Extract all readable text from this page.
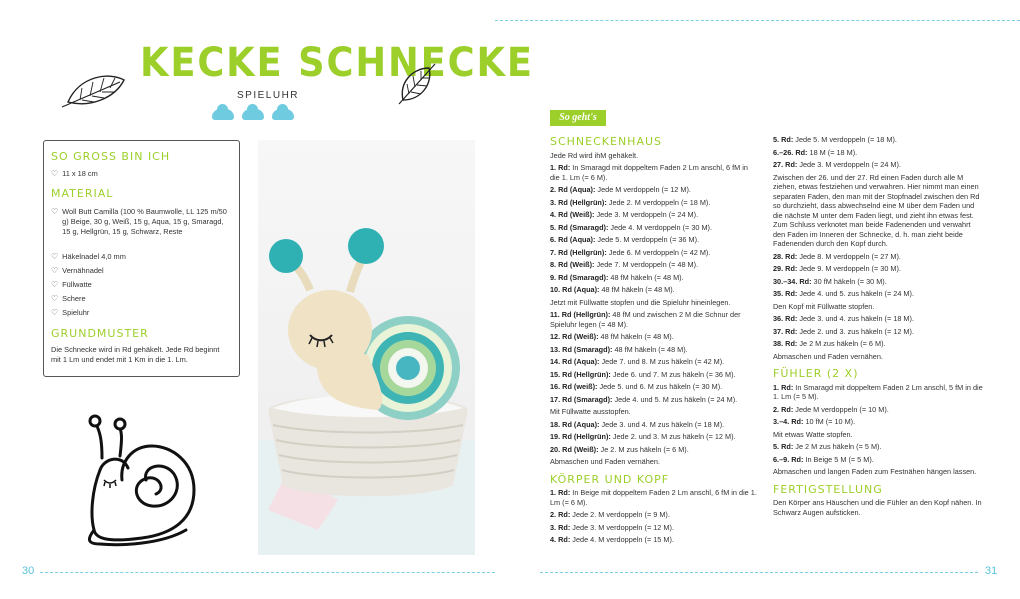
30	31
KECKE SCHNECKE
SPIELUHR
SO GROSS BIN ICH
♡ 11 x 18 cm
MATERIAL
♡ Woll Butt Camilla (100 % Baumwolle, LL 125 m/50 g) Beige, 30 g, Weiß, 15 g, Aqua, 15 g, Smaragd, 15 g, Hellgrün, 15 g, Schwarz, Reste
♡ Häkelnadel 4,0 mm
♡ Vernähnadel
♡ Füllwatte
♡ Schere
♡ Spieluhr
GRUNDMUSTER
Die Schnecke wird in Rd gehäkelt. Jede Rd beginnt mit 1 Lm und endet mit 1 Km in die 1. Lm.
So geht's
SCHNECKENHAUS

Jede Rd wird ihM gehäkelt.

1. Rd: In Smaragd mit doppeltem Faden 2 Lm anschl, 6 fM in die 1. Lm (= 6 M).

2. Rd (Aqua): Jede M verdoppeln (= 12 M).

3. Rd (Hellgrün): Jede 2. M verdoppeln (= 18 M).

4. Rd (Weiß): Jede 3. M verdoppeln (= 24 M).

5. Rd (Smaragd): Jede 4. M verdoppeln (= 30 M).

6. Rd (Aqua): Jede 5. M verdoppeln (= 36 M).

7. Rd (Hellgrün): Jede 6. M verdoppeln (= 42 M).

8. Rd (Weiß): Jede 7. M verdoppeln (= 48 M).

9. Rd (Smaragd): 48 fM häkeln (= 48 M).

10. Rd (Aqua): 48 fM häkeln (= 48 M).

Jetzt mit Füllwatte stopfen und die Spieluhr hineinlegen.

11. Rd (Hellgrün): 48 fM und zwischen 2 M die Schnur der Spieluhr legen (= 48 M).

12. Rd (Weiß): 48 fM häkeln (= 48 M).

13. Rd (Smaragd): 48 fM häkeln (= 48 M).

14. Rd (Aqua): Jede 7. und 8. M zus häkeln (= 42 M).

15. Rd (Hellgrün): Jede 6. und 7. M zus häkeln (= 36 M).

16. Rd (weiß): Jede 5. und 6. M zus häkeln (= 30 M).

17. Rd (Smaragd): Jede 4. und 5. M zus häkeln (= 24 M).

Mit Füllwatte ausstopfen.

18. Rd (Aqua): Jede 3. und 4. M zus häkeln (= 18 M).

19. Rd (Hellgrün): Jede 2. und 3. M zus häkeln (= 12 M).

20. Rd (Weiß): Je 2. M zus häkeln (= 6 M).

Abmaschen und Faden vernähen.

KÖRPER UND KOPF

1. Rd: In Beige mit doppeltem Faden 2 Lm anschl, 6 fM in die 1. Lm (= 6 M).

2. Rd: Jede 2. M verdoppeln (= 9 M).

3. Rd: Jede 3. M verdoppeln (= 12 M).

4. Rd: Jede 4. M verdoppeln (= 15 M).

5. Rd: Jede 5. M verdoppeln (= 18 M).

6.–26. Rd: 18 M (= 18 M).

27. Rd: Jede 3. M verdoppeln (= 24 M).

Zwischen der 26. und der 27. Rd einen Faden durch alle M ziehen, etwas festziehen und verwahren. Hier nimmt man einen separaten Faden, den man mit der Stopfnadel zwischen den Rd so durchzieht, dass abwechselnd eine M über dem Faden und die nächste M unter dem Faden liegt, und zieht ihn etwas fest. Zum Schluss verknotet man beide Fadenenden und verwahrt den Faden im Inneren der Schnecke, d. h. man zieht beide Fadenenden durch den Kopf durch.

28. Rd: Jede 8. M verdoppeln (= 27 M).

29. Rd: Jede 9. M verdoppeln (= 30 M).

30.–34. Rd: 30 fM häkeln (= 30 M).

35. Rd: Jede 4. und 5. zus häkeln (= 24 M).

Den Kopf mit Füllwatte stopfen.

36. Rd: Jede 3. und 4. zus häkeln (= 18 M).

37. Rd: Jede 2. und 3. zus häkeln (= 12 M).

38. Rd: Je 2 M zus häkeln (= 6 M).

Abmaschen und Faden vernähen.

FÜHLER (2 X)

1. Rd: In Smaragd mit doppeltem Faden 2 Lm anschl, 5 fM in die 1. Lm (= 5 M).

2. Rd: Jede M verdoppeln (= 10 M).

3.–4. Rd: 10 fM (= 10 M).

Mit etwas Watte stopfen.

5. Rd: Je 2 M zus häkeln (= 5 M).

6.–9. Rd: In Beige 5 M (= 5 M).

Abmaschen und langen Faden zum Festnähen hängen lassen.

FERTIGSTELLUNG

Den Körper ans Häuschen und die Fühler an den Kopf nähen. In Schwarz Augen aufsticken.
